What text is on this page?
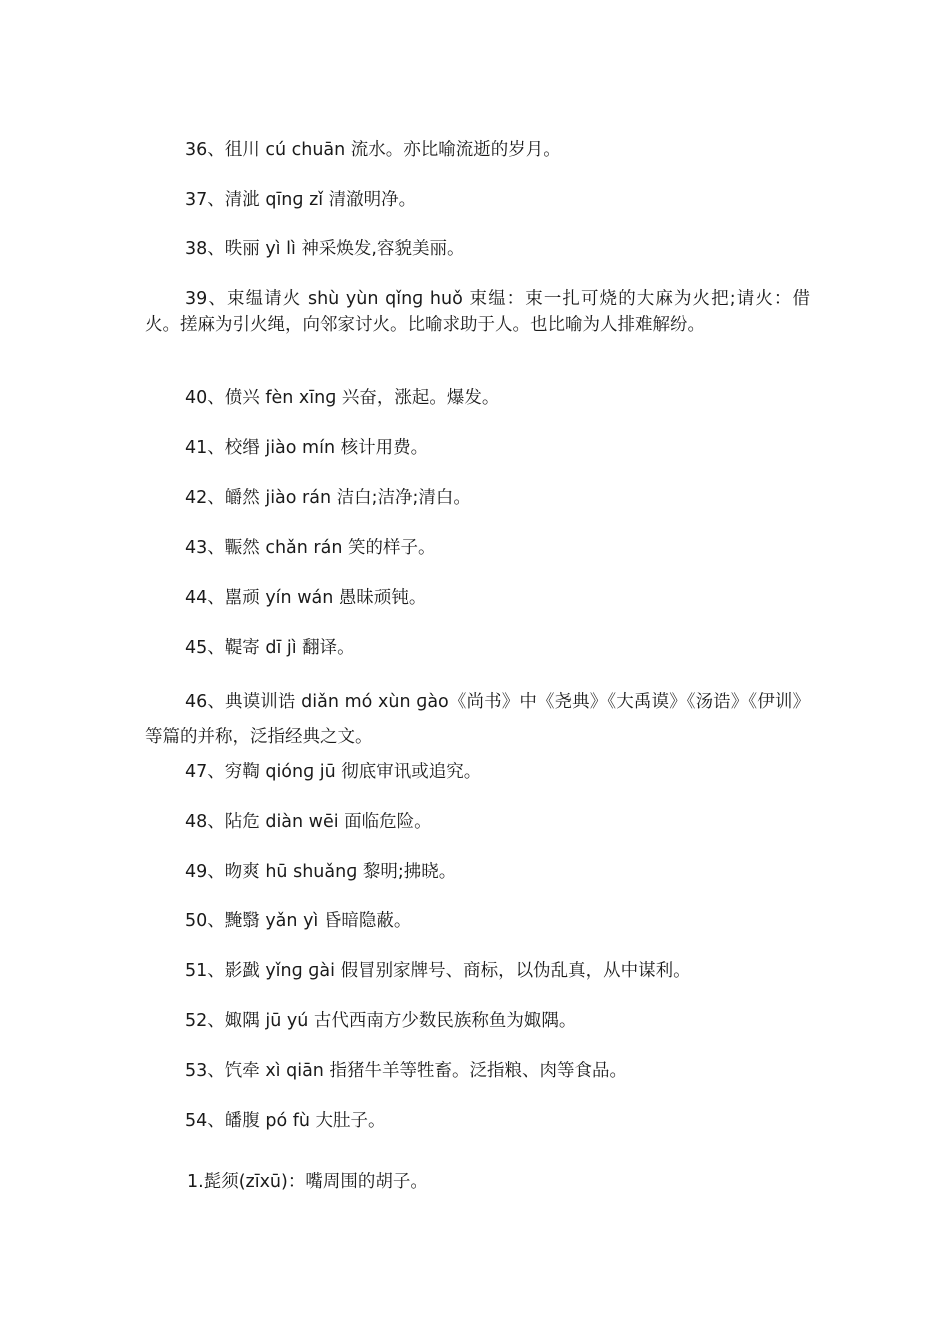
36、徂川 cú chuān 流水。亦比喻流逝的岁月。

37、清泚 qīnɡ zǐ 清澈明净。

38、昳丽 yì lì 神采焕发,容貌美丽。

39、束缊请火 shù yùn qǐnɡ huǒ 束缊：束一扎可烧的大麻为火把;请火：借火。搓麻为引火绳，向邻家讨火。比喻求助于人。也比喻为人排难解纷。

40、偾兴 fèn xīnɡ 兴奋，涨起。爆发。

41、校缗 jiào mín 核计用费。

42、皭然 jiào rán 洁白;洁净;清白。

43、辴然 chǎn rán 笑的样子。

44、嚚顽 yín wán 愚昧顽钝。

45、鞮寄 dī jì 翻译。

46、典谟训诰 diǎn mó xùn ɡào《尚书》中《尧典》《大禹谟》《汤诰》《伊训》等篇的并称，泛指经典之文。

47、穷鞫 qiónɡ jū 彻底审讯或追究。

48、阽危 diàn wēi 面临危险。

49、昒爽 hū shuǎnɡ 黎明;拂晓。

50、黤翳 yǎn yì 昏暗隐蔽。

51、影戤 yǐnɡ ɡài 假冒别家牌号、商标，以伪乱真，从中谋利。

52、娵隅 jū yú 古代西南方少数民族称鱼为娵隅。

53、饩牵 xì qiān 指猪牛羊等牲畜。泛指粮、肉等食品。

54、皤腹 pó fù 大肚子。

1.髭须(zīxū)：嘴周围的胡子。
